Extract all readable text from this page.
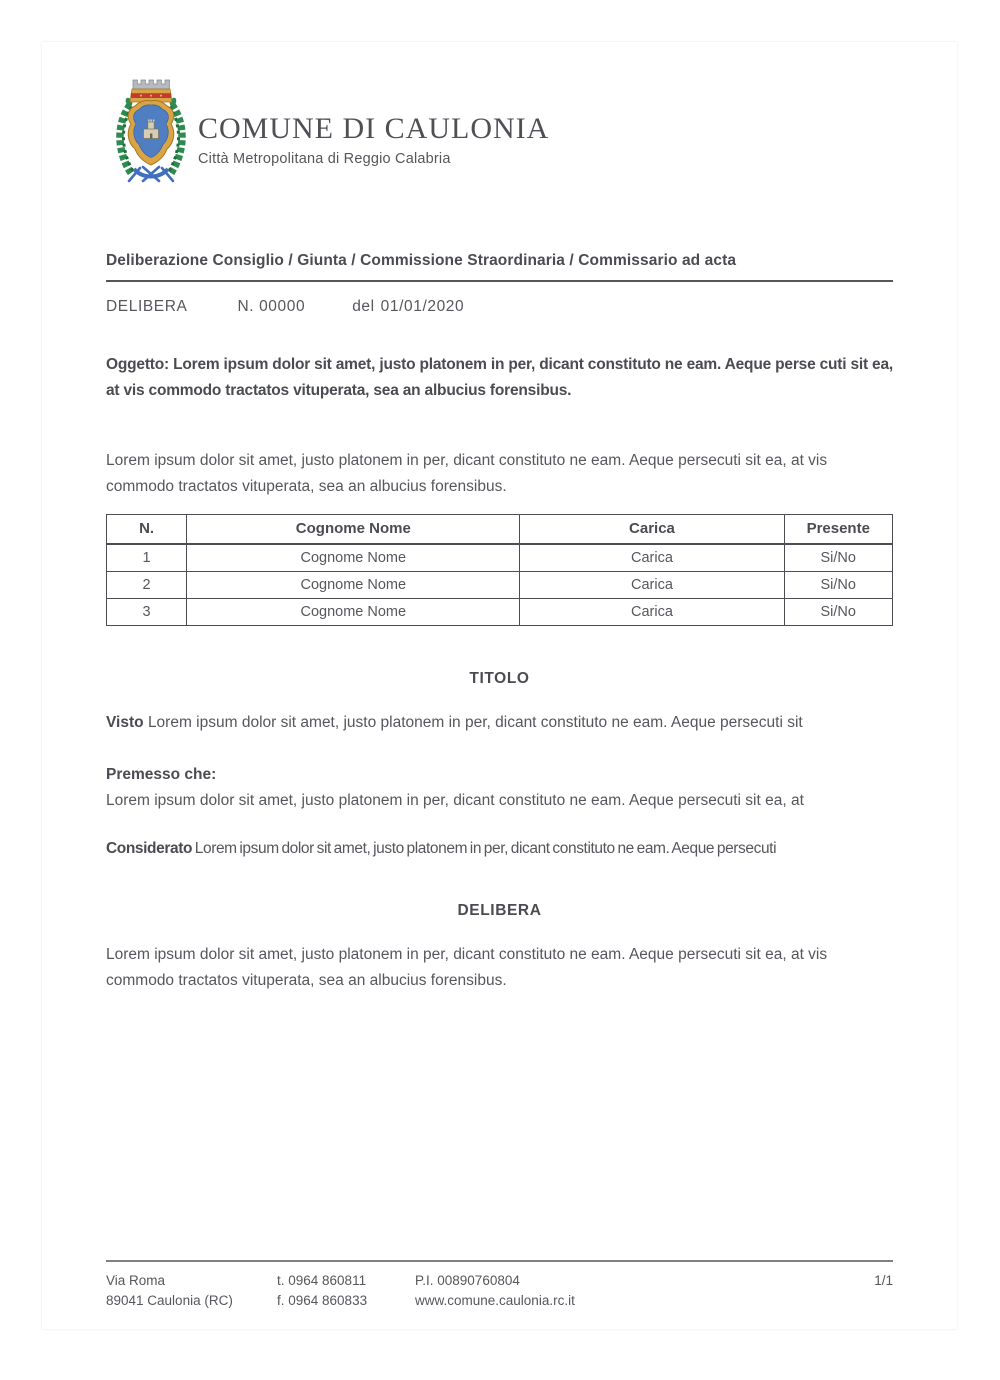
COMUNE DI CAULONIA
Città Metropolitana di Reggio Calabria
Deliberazione Consiglio / Giunta / Commissione Straordinaria / Commissario ad acta
DELIBERA	N. 00000	del 01/01/2020

Oggetto: Lorem ipsum dolor sit amet, justo platonem in per, dicant constituto ne eam. Aeque perse cuti sit ea, at vis commodo tractatos vituperata, sea an albucius forensibus.

Lorem ipsum dolor sit amet, justo platonem in per, dicant constituto ne eam. Aeque persecuti sit ea, at vis commodo tractatos vituperata, sea an albucius forensibus.

N.	Cognome Nome	Carica	Presente
1	Cognome Nome	Carica	Si/No
2	Cognome Nome	Carica	Si/No
3	Cognome Nome	Carica	Si/No
TITOLO

Visto Lorem ipsum dolor sit amet, justo platonem in per, dicant constituto ne eam. Aeque persecuti sit

Premesso che:
Lorem ipsum dolor sit amet, justo platonem in per, dicant constituto ne eam. Aeque persecuti sit ea, at

Considerato Lorem ipsum dolor sit amet, justo platonem in per, dicant constituto ne eam. Aeque persecuti

DELIBERA

Lorem ipsum dolor sit amet, justo platonem in per, dicant constituto ne eam. Aeque persecuti sit ea, at vis commodo tractatos vituperata, sea an albucius forensibus.

Via Roma
89041 Caulonia (RC)
t. 0964 860811
f. 0964 860833
P.I. 00890760804
www.comune.caulonia.rc.it
1/1
